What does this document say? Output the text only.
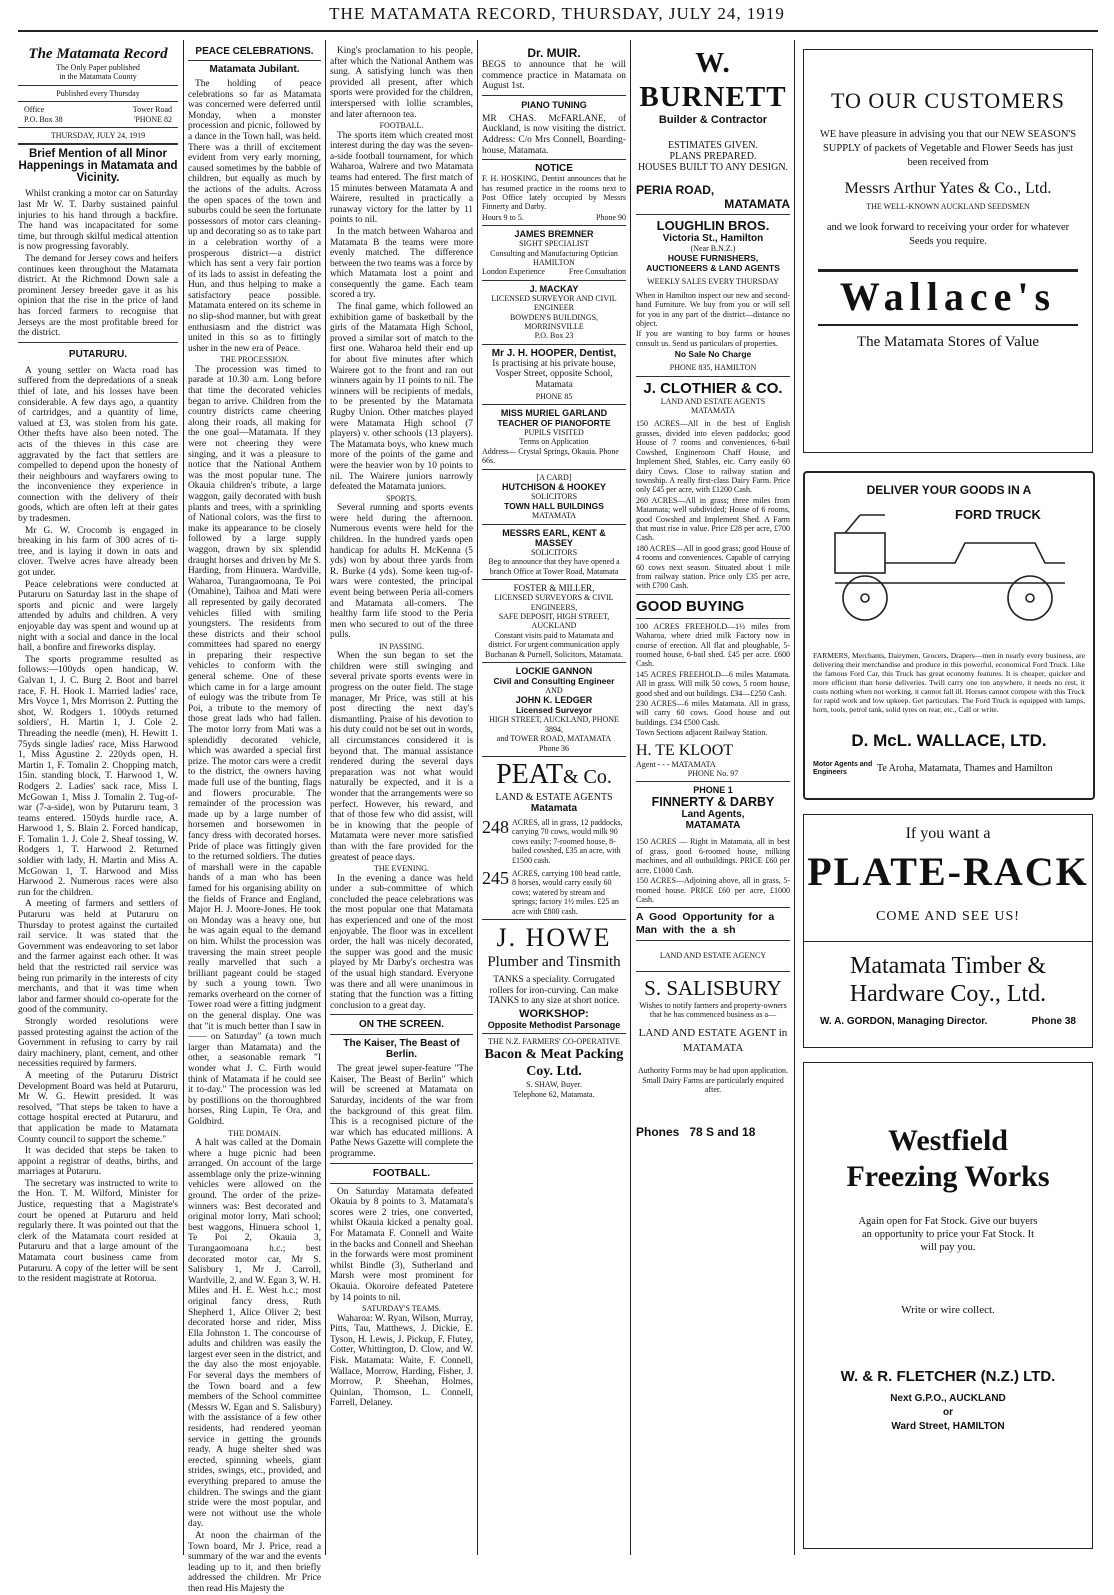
THE MATAMATA RECORD, THURSDAY, JULY 24, 1919
The Matamata Record
The Only Paper published
in the Matamata County
Published every Thursday
Office	Tower Road
P.O. Box 38	'PHONE 82
THURSDAY, JULY 24, 1919
Brief Mention of all Minor Happenings in Matamata and Vicinity.

Whilst cranking a motor car on Saturday last Mr W. T. Darby sustained painful injuries to his hand through a backfire. The hand was incapacitated for some time, but through skilful medical attention is now progressing favorably.

The demand for Jersey cows and heifers continues keen throughout the Matamata district. At the Richmond Down sale a prominent Jersey breeder gave it as his opinion that the rise in the price of land has forced farmers to recognise that Jerseys are the most profitable breed for the district.

PUTARURU.

A young settler on Wacta road has suffered from the depredations of a sneak thief of late, and his losses have been considerable. A few days ago, a quantity of cartridges, and a quantity of lime, valued at £3, was stolen from his gate. Other thefts have also been noted. The acts of the thieves in this case are aggravated by the fact that settlers are compelled to depend upon the honesty of their neighbours and wayfarers owing to the inconvenience they experience in connection with the delivery of their goods, which are often left at their gates by tradesmen.

Mr G. W. Crocomb is engaged in breaking in his farm of 300 acres of ti-tree, and is laying it down in oats and clover. Twelve acres have already been got under.

Peace celebrations were conducted at Putaruru on Saturday last in the shape of sports and picnic and were largely attended by adults and children. A very enjoyable day was spent and wound up at night with a social and dance in the local hall, a bonfire and fireworks display.

The sports programme resulted as follows:—100yds open handicap, W. Galvan 1, J. C. Burg 2. Boot and barrel race, F. H. Hook 1. Married ladies' race, Mrs Voyce 1, Mrs Morrison 2. Putting the shot, W. Rodgers 1. 100yds returned soldiers', H. Martin 1, J. Cole 2. Threading the needle (men), H. Hewitt 1. 75yds single ladies' race, Miss Harwood 1, Miss Agustine 2. 220yds open, H. Martin 1, F. Tomalin 2. Chopping match, 15in. standing block, T. Harwood 1, W. Rodgers 2. Ladies' sack race, Miss I. McGowan 1, Miss J. Tomalin 2. Tug-of-war (7-a-side), won by Putaruru team, 3 teams entered. 150yds hurdle race, A. Harwood 1, S. Blain 2. Forced handicap, F. Tomalin 1. J. Cole 2. Sheaf tossing, W. Rodgers 1, T. Harwood 2. Returned soldier with lady, H. Martin and Miss A. McGowan 1, T. Harwood and Miss Harwood 2. Numerous races were also run for the children.

A meeting of farmers and settlers of Putaruru was held at Putaruru on Thursday to protest against the curtailed rail service. It was stated that the Government was endeavoring to set labor and the farmer against each other. It was held that the restricted rail service was being run primarily in the interests of city merchants, and that it was time when labor and farmer should co-operate for the good of the community.

Strongly worded resolutions were passed protesting against the action of the Government in refusing to carry by rail dairy machinery, plant, cement, and other necessities required by farmers.

A meeting of the Putaruru District Development Board was held at Putaruru, Mr W. G. Hewitt presided. It was resolved, "That steps be taken to have a cottage hospital erected at Putaruru, and that application be made to Matamata County council to support the scheme."

It was decided that steps be taken to appoint a registrar of deaths, births, and marriages at Putaruru.

The secretary was instructed to write to the Hon. T. M. Wilford, Minister for Justice, requesting that a Magistrate's court be opened at Putaruru and held regularly there. It was pointed out that the clerk of the Matamata court resided at Putaruru and that a large amount of the Matamata court business came from Putaruru. A copy of the letter will be sent to the resident magistrate at Rotorua.

PEACE CELEBRATIONS.
Matamata Jubilant.

The holding of peace celebrations so far as Matamata was concerned were deferred until Monday, when a monster procession and picnic, followed by a dance in the Town hall, was held. There was a thrill of excitement evident from very early morning, caused sometimes by the babble of children, but equally as much by the actions of the adults. Across the open spaces of the town and suburbs could be seen the fortunate possessors of motor cars cleaning-up and decorating so as to take part in a celebration worthy of a prosperous district—a district which has sent a very fair portion of its lads to assist in defeating the Hun, and thus helping to make a satisfactory peace possible. Matamata entered on its scheme in no slip-shod manner, but with great enthusiasm and the district was united in this so as to fittingly usher in the new era of Peace.

THE PROCESSION.

The procession was timed to parade at 10.30 a.m. Long before that time the decorated vehicles began to arrive. Children from the country districts came cheering along their roads, all making for the one goal—Matamata. If they were not cheering they were singing, and it was a pleasure to notice that the National Anthem was the most popular tune. The Okauia children's tribute, a large waggon, gaily decorated with bush plants and trees, with a sprinkling of National colors, was the first to make its appearance to be closely followed by a large supply waggon, drawn by six splendid draught horses and driven by Mr S. Harding, from Hinuera. Wardville, Waharoa, Turangaomoana, Te Poi (Omahine), Taihoa and Mati were all represented by gaily decorated vehicles filled with smiling youngsters. The residents from these districts and their school committees had spared no energy in preparing their respective vehicles to conform with the general scheme. One of these which came in for a large amount of eulogy was the tribute from Te Poi, a tribute to the memory of those great lads who had fallen. The motor lorry from Mati was a splendidly decorated vehicle, which was awarded a special first prize. The motor cars were a credit to the district, the owners having made full use of the bunting, flags and flowers procurable. The remainder of the procession was made up by a large number of horsemen and horsewomen in fancy dress with decorated horses. Pride of place was fittingly given to the returned soldiers. The duties of marshall were in the capable hands of a man who has been famed for his organising ability on the fields of France and England, Major H. J. Moore-Jones. He took on Monday was a heavy one, but he was again equal to the demand on him. Whilst the procession was traversing the main street people really marvelled that such a brilliant pageant could be staged by such a young town. Two remarks overheard on the corner of Tower road were a fitting judgment on the general display. One was that "it is much better than I saw in —— on Saturday" (a town much larger than Matamata) and the other, a seasonable remark "I wonder what J. C. Firth would think of Matamata if he could see it to-day." The procession was led by postillions on the thoroughbred horses, Ring Lupin, Te Ora, and Goldbird.

THE DOMAIN.

A halt was called at the Domain where a huge picnic had been arranged. On account of the large assemblage only the prize-winning vehicles were allowed on the ground. The order of the prize-winners was: Best decorated and original motor lorry, Mati school; best waggons, Hinuera school 1, Te Poi 2, Okauia 3, Turangaomoana h.c.; best decorated motor car, Mr S. Salisbury 1, Mr J. Carroll, Wardville, 2, and W. Egan 3, W. H. Miles and H. E. West h.c.; most original fancy dress, Ruth Shepherd 1, Alice Oliver 2; best decorated horse and rider, Miss Ella Johnston 1. The concourse of adults and children was easily the largest ever seen in the district, and the day also the most enjoyable. For several days the members of the Town board and a few members of the School committee (Messrs W. Egan and S. Salisbury) with the assistance of a few other residents, had rendered yeoman service in getting the grounds ready. A huge shelter shed was erected, spinning wheels, giant strides, swings, etc., provided, and everything prepared to amuse the children. The swings and the giant stride were the most popular, and were not without use the whole day.

At noon the chairman of the Town board, Mr J. Price, read a summary of the war and the events leading up to it, and then briefly addressed the children. Mr Price then read His Majesty the

King's proclamation to his people, after which the National Anthem was sung. A satisfying lunch was then provided all present, after which sports were provided for the children, interspersed with lollie scrambles, and later afternoon tea.

FOOTBALL.

The sports item which created most interest during the day was the seven-a-side football tournament, for which Waharoa, Walrere and two Matamata teams had entered. The first match of 15 minutes between Matamata A and Wairere, resulted in practically a runaway victory for the latter by 11 points to nil.

In the match between Waharoa and Matamata B the teams were more evenly matched. The difference between the two teams was a force by which Matamata lost a point and consequently the game. Each team scored a try.

The final game, which followed an exhibition game of basketball by the girls of the Matamata High School, proved a similar sort of match to the first one. Waharoa held their end up for about five minutes after which Wairere got to the front and ran out winners again by 11 points to nil. The winners will be recipients of medals, to be presented by the Matamata Rugby Union. Other matches played were Matamata High school (7 players) v. other schools (13 players). The Matamata boys, who knew much more of the points of the game and were the heavier won by 10 points to nil. The Wairere juniors narrowly defeated the Matamata juniors.

SPORTS.

Several running and sports events were held during the afternoon. Numerous events were held for the children. In the hundred yards open handicap for adults H. McKenna (5 yds) won by about three yards from R. Burke (4 yds). Some keen tug-of-wars were contested, the principal event being between Peria all-comers and Matamata all-comers. The healthy farm life stood to the Peria men who secured to out of the three pulls.

IN PASSING.

When the sun began to set the children were still swinging and several private sports events were in progress on the outer field. The stage manager, Mr Price, was still at his post directing the next day's dismantling. Praise of his devotion to his duty could not be set out in words, all circumstances considered it is beyond that. The manual assistance rendered during the several days preparation was not what would naturally be expected, and it is a wonder that the arrangements were so perfect. However, his reward, and that of those few who did assist, will be in knowing that the people of Matamata were never more satisfied than with the fare provided for the greatest of peace days.

THE EVENING.

In the evening a dance was held under a sub-committee of which concluded the peace celebrations was the most popular one that Matamata has experienced and one of the most enjoyable. The floor was in excellent order, the hall was nicely decorated, the supper was good and the music played by Mr Darby's orchestra was of the usual high standard. Everyone was there and all were unanimous in stating that the function was a fitting conclusion to a great day.

ON THE SCREEN.
The Kaiser, The Beast of Berlin.

The great jewel super-feature "The Kaiser, The Beast of Berlin" which will be screened at Matamata on Saturday, incidents of the war from the background of this great film. This is a recognised picture of the war which has educated millions. A Pathe News Gazette will complete the programme.

FOOTBALL.

On Saturday Matamata defeated Okauia by 8 points to 3. Matamata's scores were 2 tries, one converted, whilst Okauia kicked a penalty goal. For Matamata F. Connell and Waite in the backs and Connell and Sheehan in the forwards were most prominent whilst Bindle (3), Sutherland and Marsh were most prominent for Okauia. Okoroire defeated Patetere by 14 points to nil.

SATURDAY'S TEAMS.

Waharoa: W. Ryan, Wilson, Murray, Pitts, Tau, Matthews, J. Dickie, E. Tyson, H. Lewis, J. Pickup, F. Flutey, Cotter, Whittington, D. Clow, and W. Fisk. Matamata: Waite, F. Connell, Wallace, Morrow, Harding, Fisher, J. Morrow, P. Sheehan, Holmes, Quinlan, Thomson, L. Connell, Farrell, Delaney.

Dr. MUIR.

BEGS to announce that he will commence practice in Matamata on August 1st.

PIANO TUNING

MR CHAS. McFARLANE, of Auckland, is now visiting the district. Address: C/o Mrs Connell, Boarding-house, Matamata.

NOTICE

F. H. HOSKING, Dentist announces that he has resumed practice in the rooms next to Post Office lately occupied by Messrs Finnerty and Darby.

Hours 9 to 5.	Phone 90
JAMES BREMNER
SIGHT SPECIALIST
Consulting and Manufacturing Optician
HAMILTON
London Experience	Free Consultation
J. MACKAY
LICENSED SURVEYOR AND CIVIL ENGINEER
BOWDEN'S BUILDINGS, MORRINSVILLE
P.O. Box 23
Mr J. H. HOOPER, Dentist,

Is practising at his private house, Vosper Street, opposite School, Matamata

PHONE 85
MISS MURIEL GARLAND
TEACHER OF PIANOFORTE
PUPILS VISITED
Terms on Application
Address— Crystal Springs, Okauia. Phone 66s.
[A CARD]
HUTCHISON & HOOKEY
SOLICITORS
TOWN HALL BUILDINGS
MATAMATA
MESSRS EARL, KENT & MASSEY
SOLICITORS

Beg to announce that they have opened a branch Office at Tower Road, Matamata

FOSTER & MILLER,
LICENSED SURVEYORS & CIVIL ENGINEERS,
SAFE DEPOSIT, HIGH STREET, AUCKLAND

Constant visits paid to Matamata and district. For urgent communication apply Buchanan & Purnell, Solicitors, Matamata.

LOCKIE GANNON
Civil and Consulting Engineer
AND
JOHN K. LEDGER
Licensed Surveyor
HIGH STREET, AUCKLAND, PHONE 3894,
and TOWER ROAD, MATAMATA
Phone 36
PEAT& Co.
LAND & ESTATE AGENTS
Matamata
248 ACRES, all in grass, 12 paddocks, carrying 70 cows, would milk 90 cows easily; 7-roomed house, 8-bailed cowshed, £35 an acre, with £1500 cash.
245 ACRES, carrying 100 head cattle, 8 horses, would carry easily 60 cows; watered by stream and springs; factory 1½ miles. £25 an acre with £800 cash.
J. HOWE
Plumber and Tinsmith

TANKS a speciality. Corrugated rollers for iron-curving. Can make TANKS to any size at short notice.

WORKSHOP:
Opposite Methodist Parsonage
THE N.Z. FARMERS' CO-OPERATIVE
Bacon & Meat Packing Coy. Ltd.
S. SHAW, Buyer.
Telephone 62, Matamata.
W. BURNETT
Builder & Contractor
ESTIMATES GIVEN.
PLANS PREPARED.
HOUSES BUILT TO ANY DESIGN.
PERIA ROAD,
MATAMATA
LOUGHLIN BROS.
Victoria St., Hamilton
(Near B.N.Z.)
HOUSE FURNISHERS, AUCTIONEERS & LAND AGENTS
WEEKLY SALES EVERY THURSDAY

When in Hamilton inspect our new and second-hand Furniture. We buy from you or will sell for you in any part of the district—distance no object.

If you are wanting to buy farms or houses consult us. Send us particulars of properties.

No Sale No Charge
PHONE 835, HAMILTON
J. CLOTHIER & CO.
LAND AND ESTATE AGENTS
MATAMATA

150 ACRES—All in the best of English grasses, divided into eleven paddocks; good House of 7 rooms and conveniences, 6-bail Cowshed, Engineroom Chaff House, and Implement Shed, Stables, etc. Carry easily 60 dairy Cows. Close to railway station and township. A really first-class Dairy Farm. Price only £45 per acre, with £1200 Cash.

260 ACRES—All in grass; three miles from Matamata; well subdivided; House of 6 rooms, good Cowshed and Implement Shed. A Farm that must rise in value. Price £28 per acre, £700 Cash.

180 ACRES—All in good grass; good House of 4 rooms and conveniences. Capable of carrying 60 cows next season. Situated about 1 mile from railway station. Price only £35 per acre, with £700 Cash.

GOOD BUYING

100 ACRES FREEHOLD—1½ miles from Waharoa, where dried milk Factory now in course of erection. All flat and ploughable, 5-roomed house, 6-bail shed. £45 per acre. £600 Cash.

145 ACRES FREEHOLD—6 miles Matamata. All in grass. Will milk 50 cows, 5 room house, good shed and out buildings. £34—£250 Cash.

230 ACRES—6 miles Matamata. All in grass, will carry 60 cows. Good house and out buildings. £34 £500 Cash.

Town Sections adjacent Railway Station.

H. TE KLOOT
Agent - - - MATAMATA
PHONE No. 97
PHONE 1
FINNERTY & DARBY
Land Agents,
MATAMATA

150 ACRES — Right in Matamata, all in best of grass, good 6-roomed house, milking machines, and all outbuildings. PRICE £60 per acre, £1000 Cash.

150 ACRES—Adjoining above, all in grass, 5-roomed house. PRICE £60 per acre, £1000 Cash.

A Good Opportunity for a Man with the a sh
LAND AND ESTATE AGENCY
S. SALISBURY

Wishes to notify farmers and property-owners that he has commenced business as a—

LAND AND ESTATE AGENT in MATAMATA

Authority Forms may be had upon application.

Small Dairy Farms are particularly enquired after.

Phones   78 S and 18
TO OUR CUSTOMERS
WE have pleasure in advising you that our NEW SEASON'S SUPPLY of packets of Vegetable and Flower Seeds has just been received from
Messrs Arthur Yates & Co., Ltd.
THE WELL-KNOWN AUCKLAND SEEDSMEN
and we look forward to receiving your order for whatever Seeds you require.
Wallace's
The Matamata Stores of Value
DELIVER YOUR GOODS IN A
FORD TRUCK
FARMERS, Merchants, Dairymen, Grocers, Drapers—men in nearly every business, are delivering their merchandise and produce in this powerful, economical Ford Truck. Like the famous Ford Car, this Truck has great economy features. It is cheaper, quicker and more efficient than horse deliveries. Twill carry one ton anywhere, it needs no rest, it costs nothing when not working, it cannot fall ill. Horses cannot compete with this Truck for rapid work and low upkeep. Get particulars. The Ford Truck is equipped with lamps, horn, tools, petrol tank, solid tyres on rear, etc., Call or write.
D. McL. WALLACE, LTD.
Motor Agents and Engineers	Te Aroha, Matamata, Thames and Hamilton
If you want a
PLATE-RACK
COME AND SEE US!
Matamata Timber & Hardware Coy., Ltd.
W. A. GORDON, Managing Director.	Phone 38
Westfield Freezing Works
Again open for Fat Stock. Give our buyers an opportunity to price your Fat Stock. It will pay you.
Write or wire collect.
W. & R. FLETCHER (N.Z.) LTD.
Next G.P.O., AUCKLAND
or
Ward Street, HAMILTON
